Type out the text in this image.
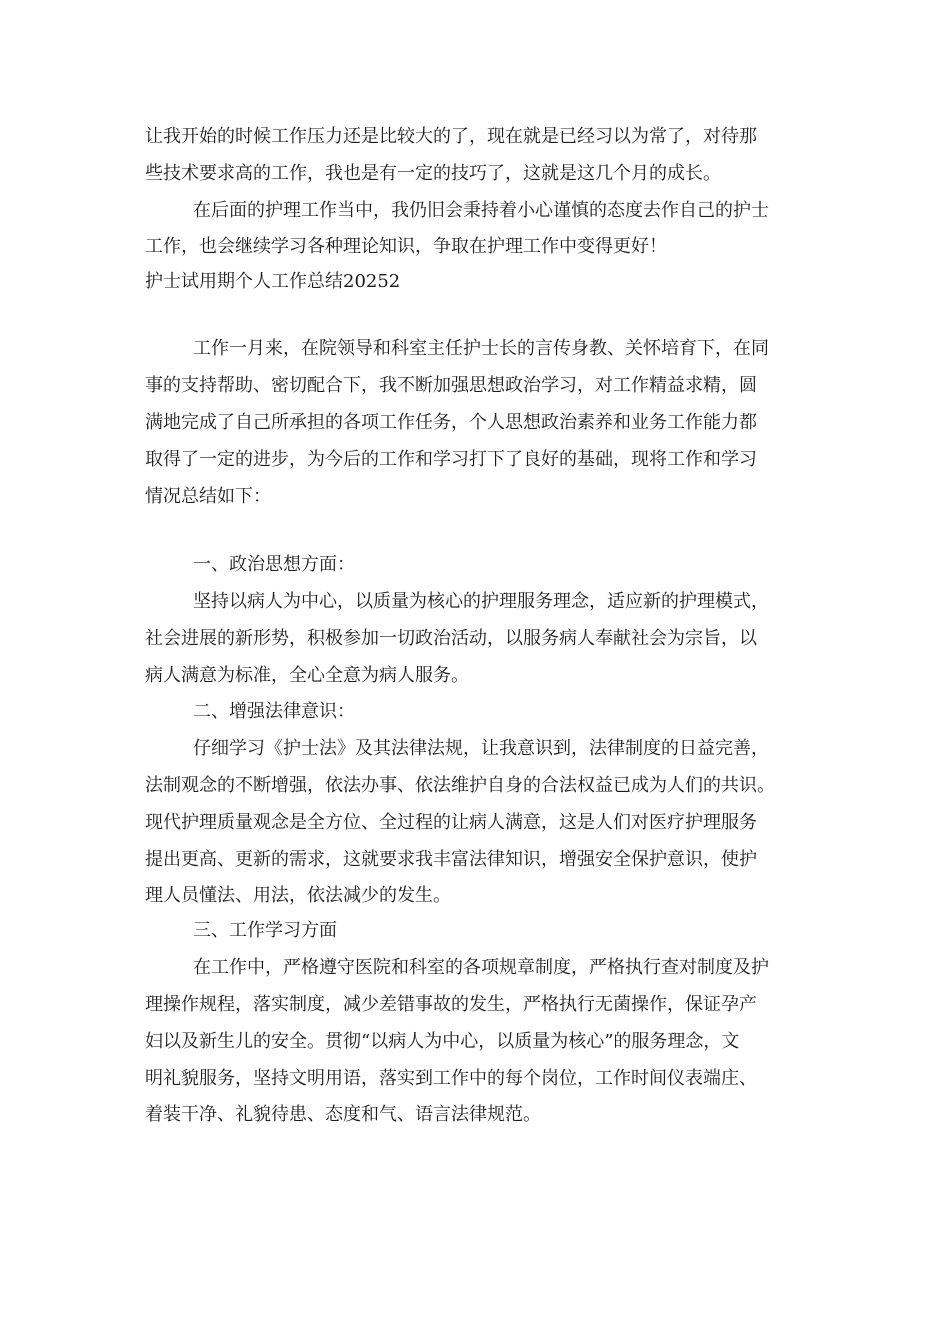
让我开始的时候工作压力还是比较大的了，现在就是已经习以为常了，对待那
些技术要求高的工作，我也是有一定的技巧了，这就是这几个月的成长。
在后面的护理工作当中，我仍旧会秉持着小心谨慎的态度去作自己的护士
工作，也会继续学习各种理论知识，争取在护理工作中变得更好！
护士试用期个人工作总结20252
工作一月来，在院领导和科室主任护士长的言传身教、关怀培育下，在同
事的支持帮助、密切配合下，我不断加强思想政治学习，对工作精益求精，圆
满地完成了自己所承担的各项工作任务，个人思想政治素养和业务工作能力都
取得了一定的进步，为今后的工作和学习打下了良好的基础，现将工作和学习
情况总结如下：
一、政治思想方面：
坚持以病人为中心，以质量为核心的护理服务理念，适应新的护理模式，
社会进展的新形势，积极参加一切政治活动，以服务病人奉献社会为宗旨，以
病人满意为标准，全心全意为病人服务。
二、增强法律意识：
仔细学习《护士法》及其法律法规，让我意识到，法律制度的日益完善，
法制观念的不断增强，依法办事、依法维护自身的合法权益已成为人们的共识。
现代护理质量观念是全方位、全过程的让病人满意，这是人们对医疗护理服务
提出更高、更新的需求，这就要求我丰富法律知识，增强安全保护意识，使护
理人员懂法、用法，依法减少的发生。
三、工作学习方面
在工作中，严格遵守医院和科室的各项规章制度，严格执行查对制度及护
理操作规程，落实制度，减少差错事故的发生，严格执行无菌操作，保证孕产
妇以及新生儿的安全。贯彻“以病人为中心，以质量为核心”的服务理念，文
明礼貌服务，坚持文明用语，落实到工作中的每个岗位，工作时间仪表端庄、
着装干净、礼貌待患、态度和气、语言法律规范。
